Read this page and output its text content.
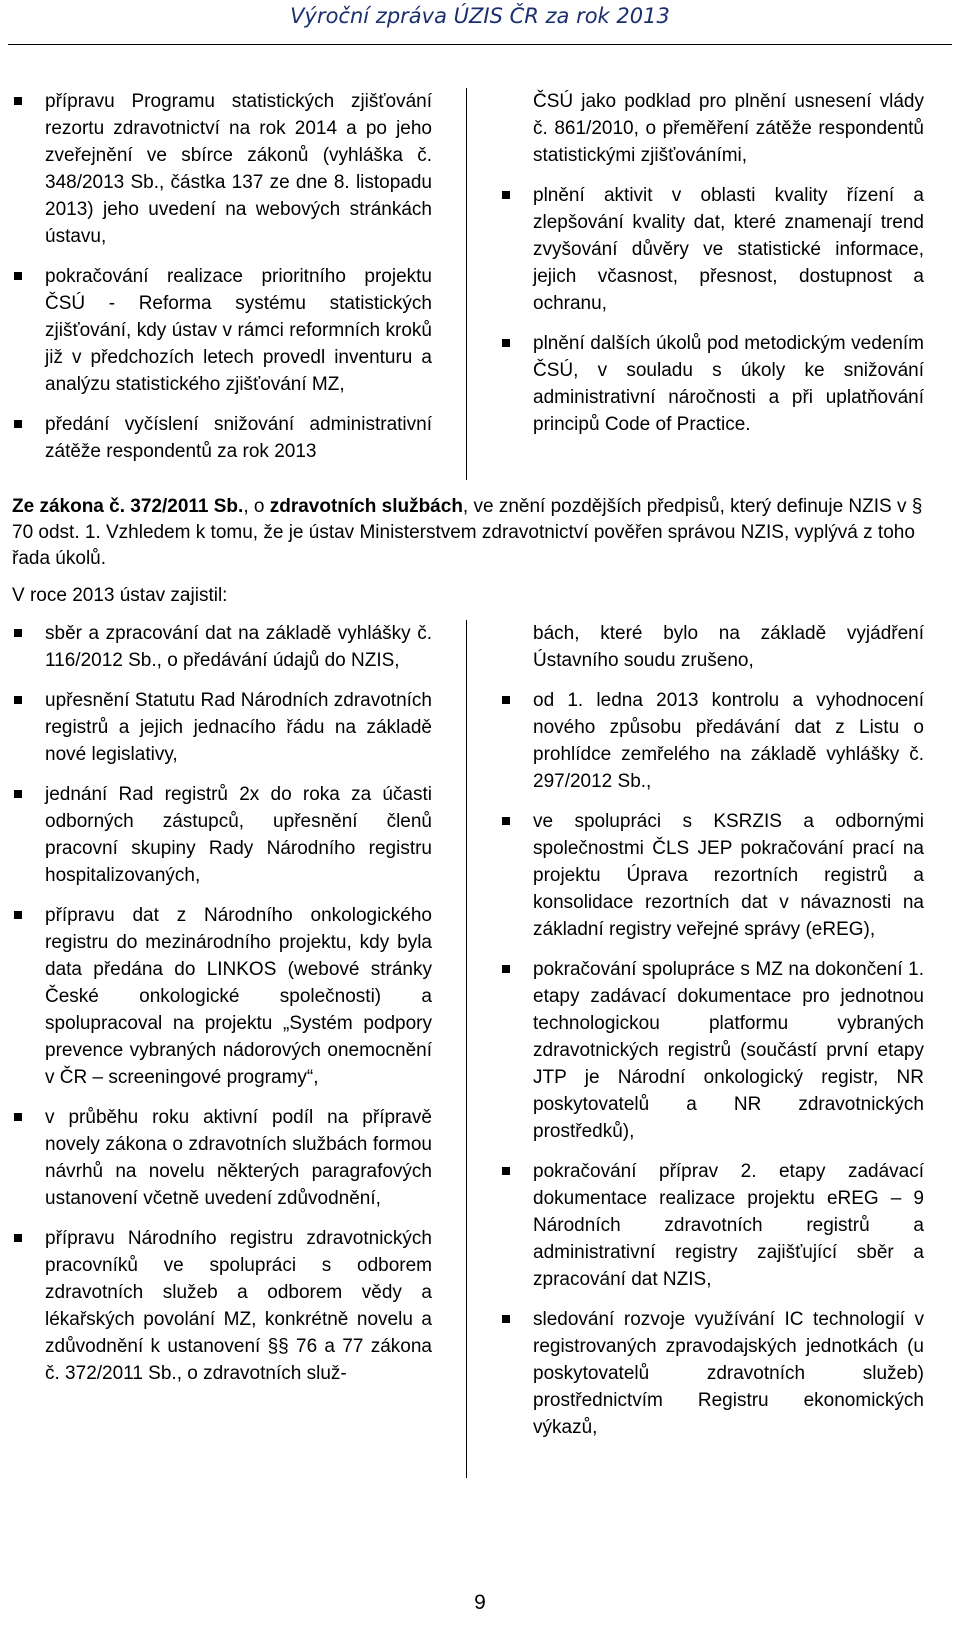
Výroční zpráva ÚZIS ČR za rok 2013
přípravu Programu statistických zjišťování rezortu zdravotnictví na rok 2014 a po jeho zveřejnění ve sbírce zákonů (vyhláška č. 348/2013 Sb., částka 137 ze dne 8. listopadu 2013) jeho uvedení na webových stránkách ústavu,
pokračování realizace prioritního projektu ČSÚ - Reforma systému statistických zjišťování, kdy ústav v rámci reformních kroků již v předchozích letech provedl inventuru a analýzu statistického zjišťování MZ,
předání vyčíslení snižování administrativní zátěže respondentů za rok 2013
ČSÚ jako podklad pro plnění usnesení vlády č. 861/2010, o přeměření zátěže respondentů statistickými zjišťováními,
plnění aktivit v oblasti kvality řízení a zlepšování kvality dat, které znamenají trend zvyšování důvěry ve statistické informace, jejich včasnost, přesnost, dostupnost a ochranu,
plnění dalších úkolů pod metodickým vedením ČSÚ, v souladu s úkoly ke snižování administrativní náročnosti a při uplatňování principů Code of Practice.
Ze zákona č. 372/2011 Sb., o zdravotních službách, ve znění pozdějších předpisů, který definuje NZIS v § 70 odst. 1. Vzhledem k tomu, že je ústav Ministerstvem zdravotnictví pověřen správou NZIS, vyplývá z toho řada úkolů.
V roce 2013 ústav zajistil:
sběr a zpracování dat na základě vyhlášky č. 116/2012 Sb., o předávání údajů do NZIS,
upřesnění Statutu Rad Národních zdravotních registrů a jejich jednacího řádu na základě nové legislativy,
jednání Rad registrů 2x do roka za účasti odborných zástupců, upřesnění členů pracovní skupiny Rady Národního registru hospitalizovaných,
přípravu dat z Národního onkologického registru do mezinárodního projektu, kdy byla data předána do LINKOS (webové stránky České onkologické společnosti) a spolupracoval na projektu „Systém podpory prevence vybraných nádorových onemocnění v ČR – screeningové programy“,
v průběhu roku aktivní podíl na přípravě novely zákona o zdravotních službách formou návrhů na novelu některých paragrafových ustanovení včetně uvedení zdůvodnění,
přípravu Národního registru zdravotnických pracovníků ve spolupráci s odborem zdravotních služeb a odborem vědy a lékařských povolání MZ, konkrétně novelu a zdůvodnění k ustanovení §§ 76 a 77 zákona č. 372/2011 Sb., o zdravotních služ-
bách, které bylo na základě vyjádření Ústavního soudu zrušeno,
od 1. ledna 2013 kontrolu a vyhodnocení nového způsobu předávání dat z Listu o prohlídce zemřelého na základě vyhlášky č. 297/2012 Sb.,
ve spolupráci s KSRZIS a odbornými společnostmi ČLS JEP pokračování prací na projektu Úprava rezortních registrů a konsolidace rezortních dat v návaznosti na základní registry veřejné správy (eREG),
pokračování spolupráce s MZ na dokončení 1. etapy zadávací dokumentace pro jednotnou technologickou platformu vybraných zdravotnických registrů (součástí první etapy JTP je Národní onkologický registr, NR poskytovatelů a NR zdravotnických prostředků),
pokračování příprav 2. etapy zadávací dokumentace realizace projektu eREG – 9 Národních zdravotních registrů a administrativní registry zajišťující sběr a zpracování dat NZIS,
sledování rozvoje využívání IC technologií v registrovaných zpravodajských jednotkách (u poskytovatelů zdravotních služeb) prostřednictvím Registru ekonomických výkazů,
9
